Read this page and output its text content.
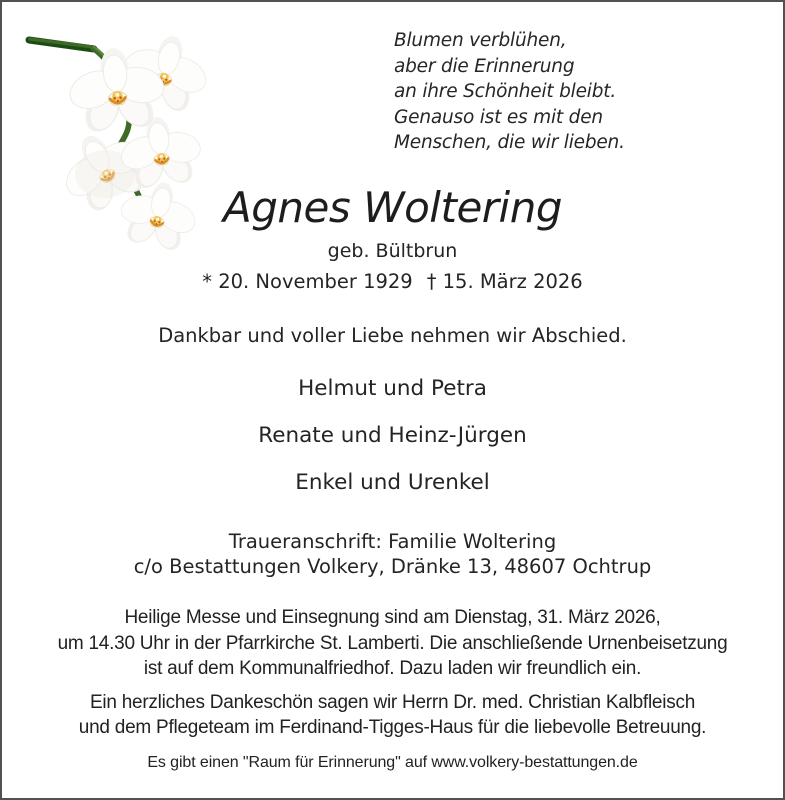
Blumen verblühen,
aber die Erinnerung
an ihre Schönheit bleibt.
Genauso ist es mit den
Menschen, die wir lieben.
Agnes Woltering
geb. Bültbrun
* 20. November 1929 † 15. März 2026
Dankbar und voller Liebe nehmen wir Abschied.
Helmut und Petra
Renate und Heinz-Jürgen
Enkel und Urenkel
Traueranschrift: Familie Woltering
c/o Bestattungen Volkery, Dränke 13, 48607 Ochtrup
Heilige Messe und Einsegnung sind am Dienstag, 31. März 2026,
um 14.30 Uhr in der Pfarrkirche St. Lamberti. Die anschließende Urnenbeisetzung
ist auf dem Kommunalfriedhof. Dazu laden wir freundlich ein.
Ein herzliches Dankeschön sagen wir Herrn Dr. med. Christian Kalbfleisch
und dem Pflegeteam im Ferdinand-Tigges-Haus für die liebevolle Betreuung.
Es gibt einen "Raum für Erinnerung" auf www.volkery-bestattungen.de
